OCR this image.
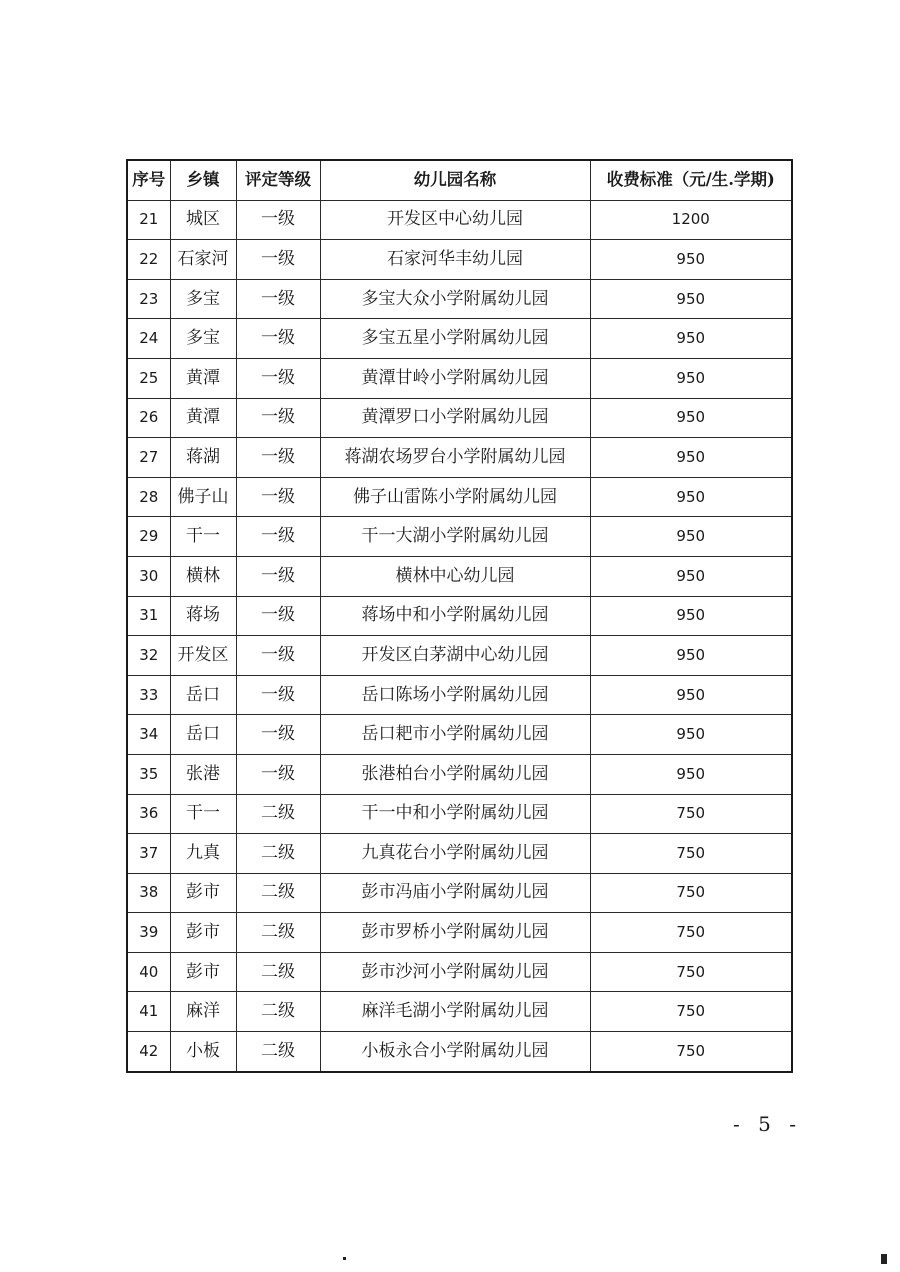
序号	乡镇	评定等级	幼儿园名称	收费标准（元/生.学期)
21	城区	一级	开发区中心幼儿园	1200
22	石家河	一级	石家河华丰幼儿园	950
23	多宝	一级	多宝大众小学附属幼儿园	950
24	多宝	一级	多宝五星小学附属幼儿园	950
25	黄潭	一级	黄潭甘岭小学附属幼儿园	950
26	黄潭	一级	黄潭罗口小学附属幼儿园	950
27	蒋湖	一级	蒋湖农场罗台小学附属幼儿园	950
28	佛子山	一级	佛子山雷陈小学附属幼儿园	950
29	干一	一级	干一大湖小学附属幼儿园	950
30	横林	一级	横林中心幼儿园	950
31	蒋场	一级	蒋场中和小学附属幼儿园	950
32	开发区	一级	开发区白茅湖中心幼儿园	950
33	岳口	一级	岳口陈场小学附属幼儿园	950
34	岳口	一级	岳口耙市小学附属幼儿园	950
35	张港	一级	张港柏台小学附属幼儿园	950
36	干一	二级	干一中和小学附属幼儿园	750
37	九真	二级	九真花台小学附属幼儿园	750
38	彭市	二级	彭市冯庙小学附属幼儿园	750
39	彭市	二级	彭市罗桥小学附属幼儿园	750
40	彭市	二级	彭市沙河小学附属幼儿园	750
41	麻洋	二级	麻洋毛湖小学附属幼儿园	750
42	小板	二级	小板永合小学附属幼儿园	750
- 5 -
